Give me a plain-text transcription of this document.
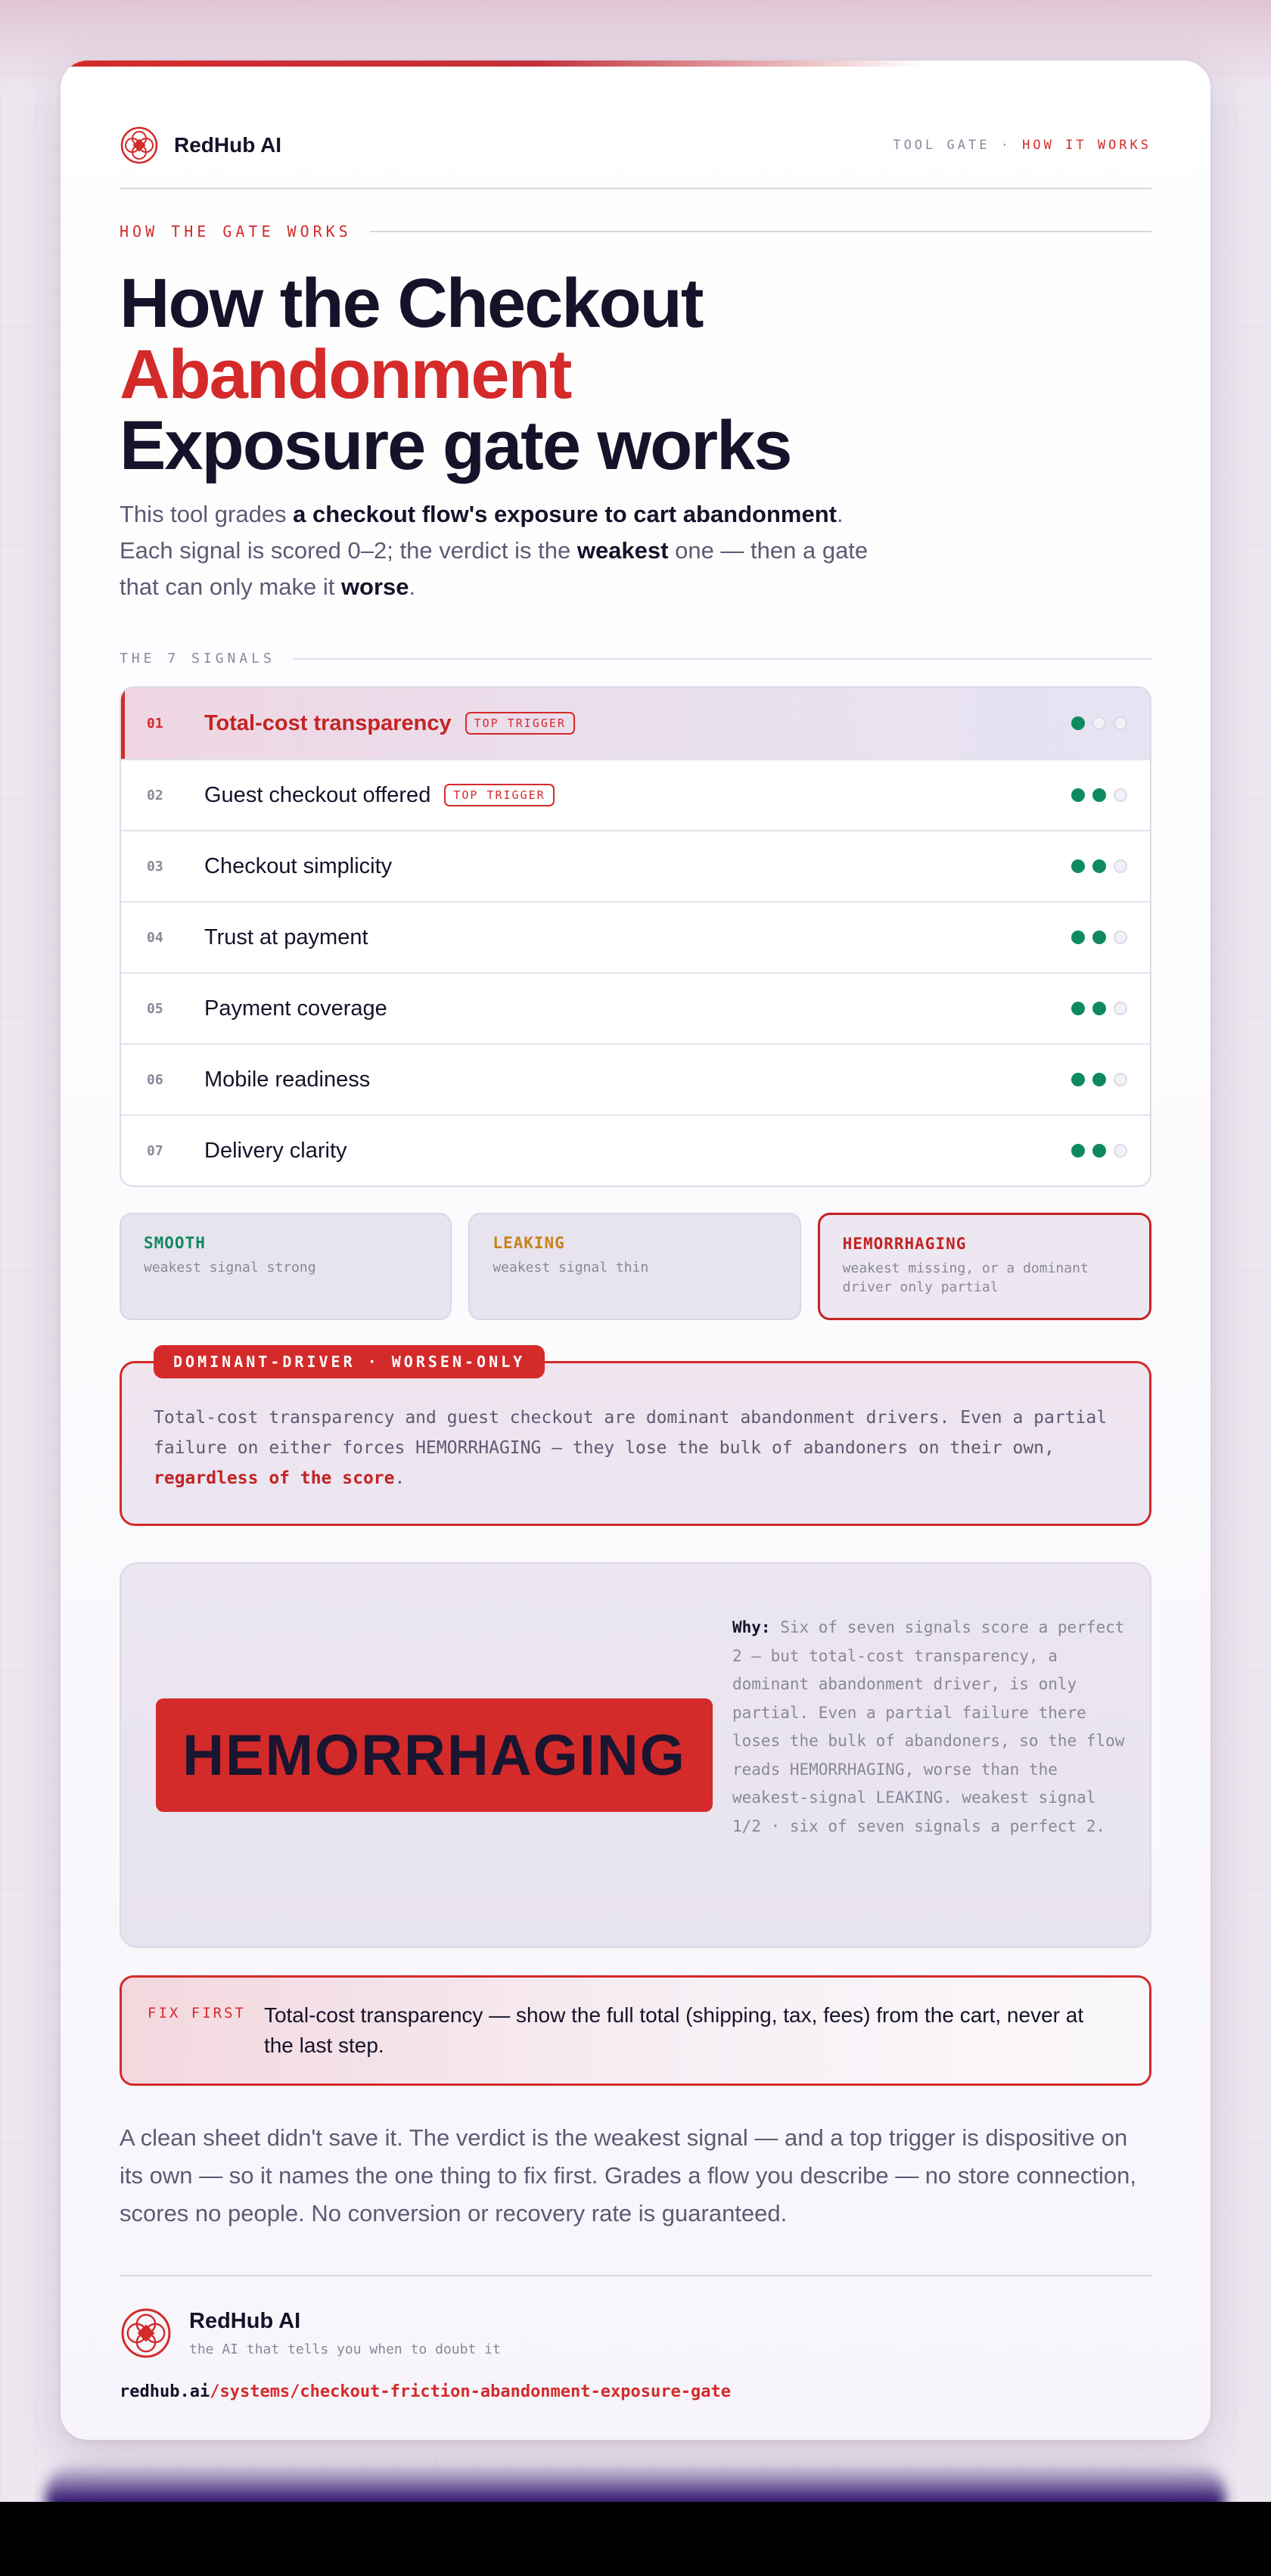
RedHub AI	TOOL GATE · HOW IT WORKS
HOW THE GATE WORKS
How the Checkout
Abandonment
Exposure gate works

This tool grades a checkout flow's exposure to cart abandonment. Each signal is scored 0–2; the verdict is the weakest one — then a gate that can only make it worse.

THE 7 SIGNALS
01	Total-cost transparency	TOP TRIGGER
02	Guest checkout offered	TOP TRIGGER
03	Checkout simplicity
04	Trust at payment
05	Payment coverage
06	Mobile readiness
07	Delivery clarity
SMOOTH
weakest signal strong
LEAKING
weakest signal thin
HEMORRHAGING
weakest missing, or a dominant driver only partial
DOMINANT-DRIVER · WORSEN-ONLY

Total-cost transparency and guest checkout are dominant abandonment drivers. Even a partial failure on either forces HEMORRHAGING — they lose the bulk of abandoners on their own, regardless of the score.

HEMORRHAGING

Why: Six of seven signals score a perfect 2 — but total-cost transparency, a dominant abandonment driver, is only partial. Even a partial failure there loses the bulk of abandoners, so the flow reads HEMORRHAGING, worse than the weakest-signal LEAKING. weakest signal 1/2 · six of seven signals a perfect 2.

FIX FIRST Total-cost transparency — show the full total (shipping, tax, fees) from the cart, never at the last step.

A clean sheet didn't save it. The verdict is the weakest signal — and a top trigger is dispositive on its own — so it names the one thing to fix first. Grades a flow you describe — no store connection, scores no people. No conversion or recovery rate is guaranteed.

RedHub AI
the AI that tells you when to doubt it
redhub.ai/systems/checkout-friction-abandonment-exposure-gate
